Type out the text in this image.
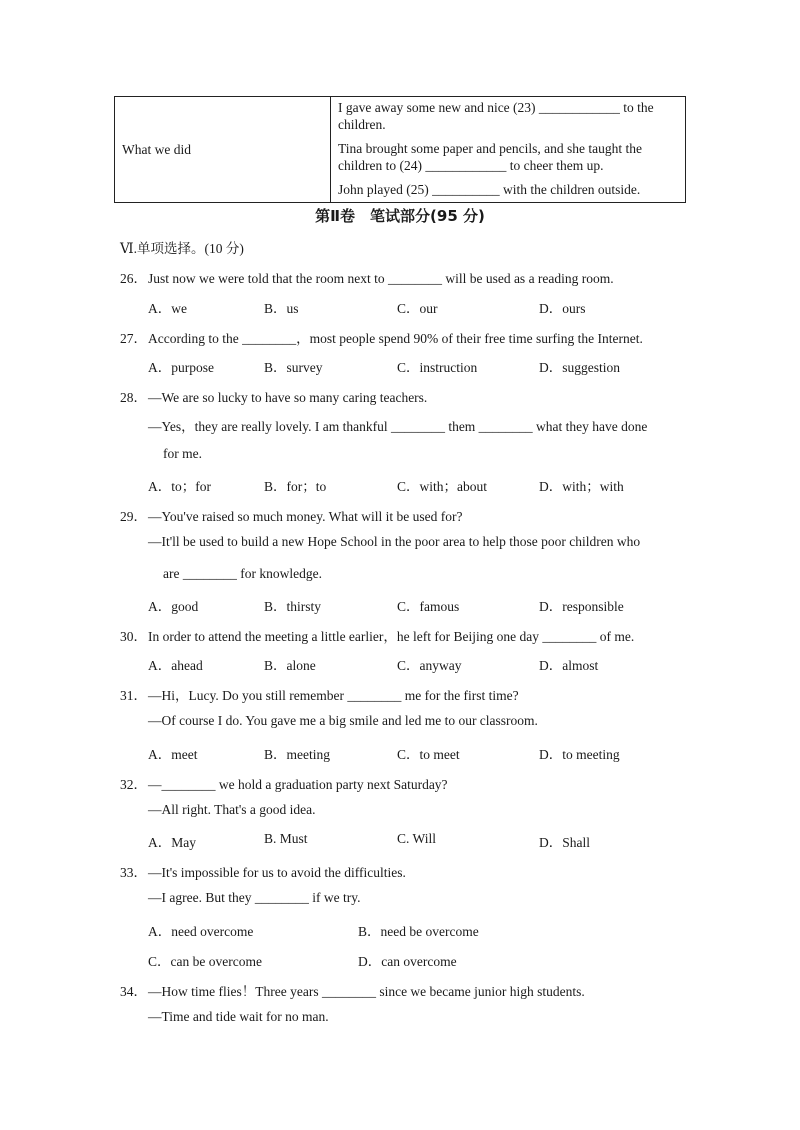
What we did

I gave away some new and nice (23) ____________ to the children.

Tina brought some paper and pencils, and she taught the children to (24) ____________ to cheer them up.

John played (25) __________ with the children outside.

第Ⅱ卷　笔试部分(95 分)
Ⅵ.单项选择。(10 分)
26．Just now we were told that the room next to ________ will be used as a reading room.
A．we	B．us	C．our	D．ours
27．According to the ________，most people spend 90% of their free time surfing the Internet.
A．purpose	B．survey	C．instruction	D．suggestion
28．—We are so lucky to have so many caring teachers.
—Yes，they are really lovely. I am thankful ________ them ________ what they have done
for me.
A．to；for	B．for；to	C．with；about	D．with；with
29．—You've raised so much money. What will it be used for?
—It'll be used to build a new Hope School in the poor area to help those poor children who
are ________ for knowledge.
A．good	B．thirsty	C．famous	D．responsible
30．In order to attend the meeting a little earlier，he left for Beijing one day ________ of me.
A．ahead	B．alone	C．anyway	D．almost
31．—Hi，Lucy. Do you still remember ________ me for the first time?
—Of course I do. You gave me a big smile and led me to our classroom.
A．meet	B．meeting	C．to meet	D．to meeting
32．—________ we hold a graduation party next Saturday?
—All right. That's a good idea.
A．May	B. Must	C. Will	D．Shall
33．—It's impossible for us to avoid the difficulties.
—I agree. But they ________ if we try.
A．need overcome	B．need be overcome
C．can be overcome	D．can overcome
34．—How time flies！Three years ________ since we became junior high students.
—Time and tide wait for no man.
